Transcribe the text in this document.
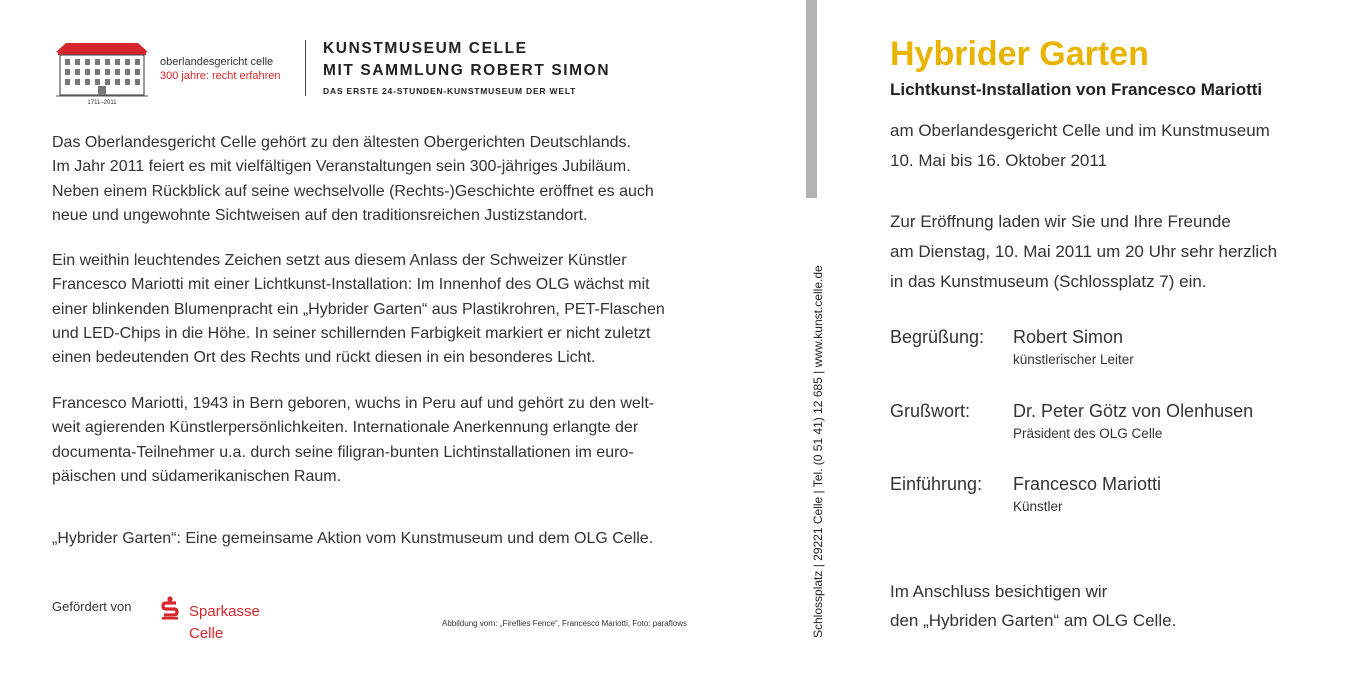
1711–2011
oberlandesgericht celle
300 jahre: recht erfahren
KUNSTMUSEUM CELLE
MIT SAMMLUNG ROBERT SIMON
DAS ERSTE 24-STUNDEN-KUNSTMUSEUM DER WELT
Das Oberlandesgericht Celle gehört zu den ältesten Obergerichten Deutschlands.
Im Jahr 2011 feiert es mit vielfältigen Veranstaltungen sein 300-jähriges Jubiläum.
Neben einem Rückblick auf seine wechselvolle (Rechts-)Geschichte eröffnet es auch
neue und ungewohnte Sichtweisen auf den traditionsreichen Justizstandort.
Ein weithin leuchtendes Zeichen setzt aus diesem Anlass der Schweizer Künstler
Francesco Mariotti mit einer Lichtkunst-Installation: Im Innenhof des OLG wächst mit
einer blinkenden Blumenpracht ein „Hybrider Garten“ aus Plastikrohren, PET-Flaschen
und LED-Chips in die Höhe. In seiner schillernden Farbigkeit markiert er nicht zuletzt
einen bedeutenden Ort des Rechts und rückt diesen in ein besonderes Licht.
Francesco Mariotti, 1943 in Bern geboren, wuchs in Peru auf und gehört zu den welt-
weit agierenden Künstlerpersönlichkeiten. Internationale Anerkennung erlangte der
documenta-Teilnehmer u.a. durch seine filigran-bunten Lichtinstallationen im euro-
päischen und südamerikanischen Raum.
„Hybrider Garten“: Eine gemeinsame Aktion vom Kunstmuseum und dem OLG Celle.
Gefördert von	Sparkasse
Celle
Abbildung vorn: „Fireflies Fence“, Francesco Mariotti, Foto: paraflows	Schlossplatz | 29221 Celle | Tel. (0 51 41) 12 685 | www.kunst.celle.de
Hybrider Garten
Lichtkunst-Installation von Francesco Mariotti
am Oberlandesgericht Celle und im Kunstmuseum
10. Mai bis 16. Oktober 2011
Zur Eröffnung laden wir Sie und Ihre Freunde
am Dienstag, 10. Mai 2011 um 20 Uhr sehr herzlich
in das Kunstmuseum (Schlossplatz 7) ein.
Begrüßung: Robert Simon
künstlerischer Leiter
Grußwort: Dr. Peter Götz von Olenhusen
Präsident des OLG Celle
Einführung: Francesco Mariotti
Künstler
Im Anschluss besichtigen wir
den „Hybriden Garten“ am OLG Celle.
